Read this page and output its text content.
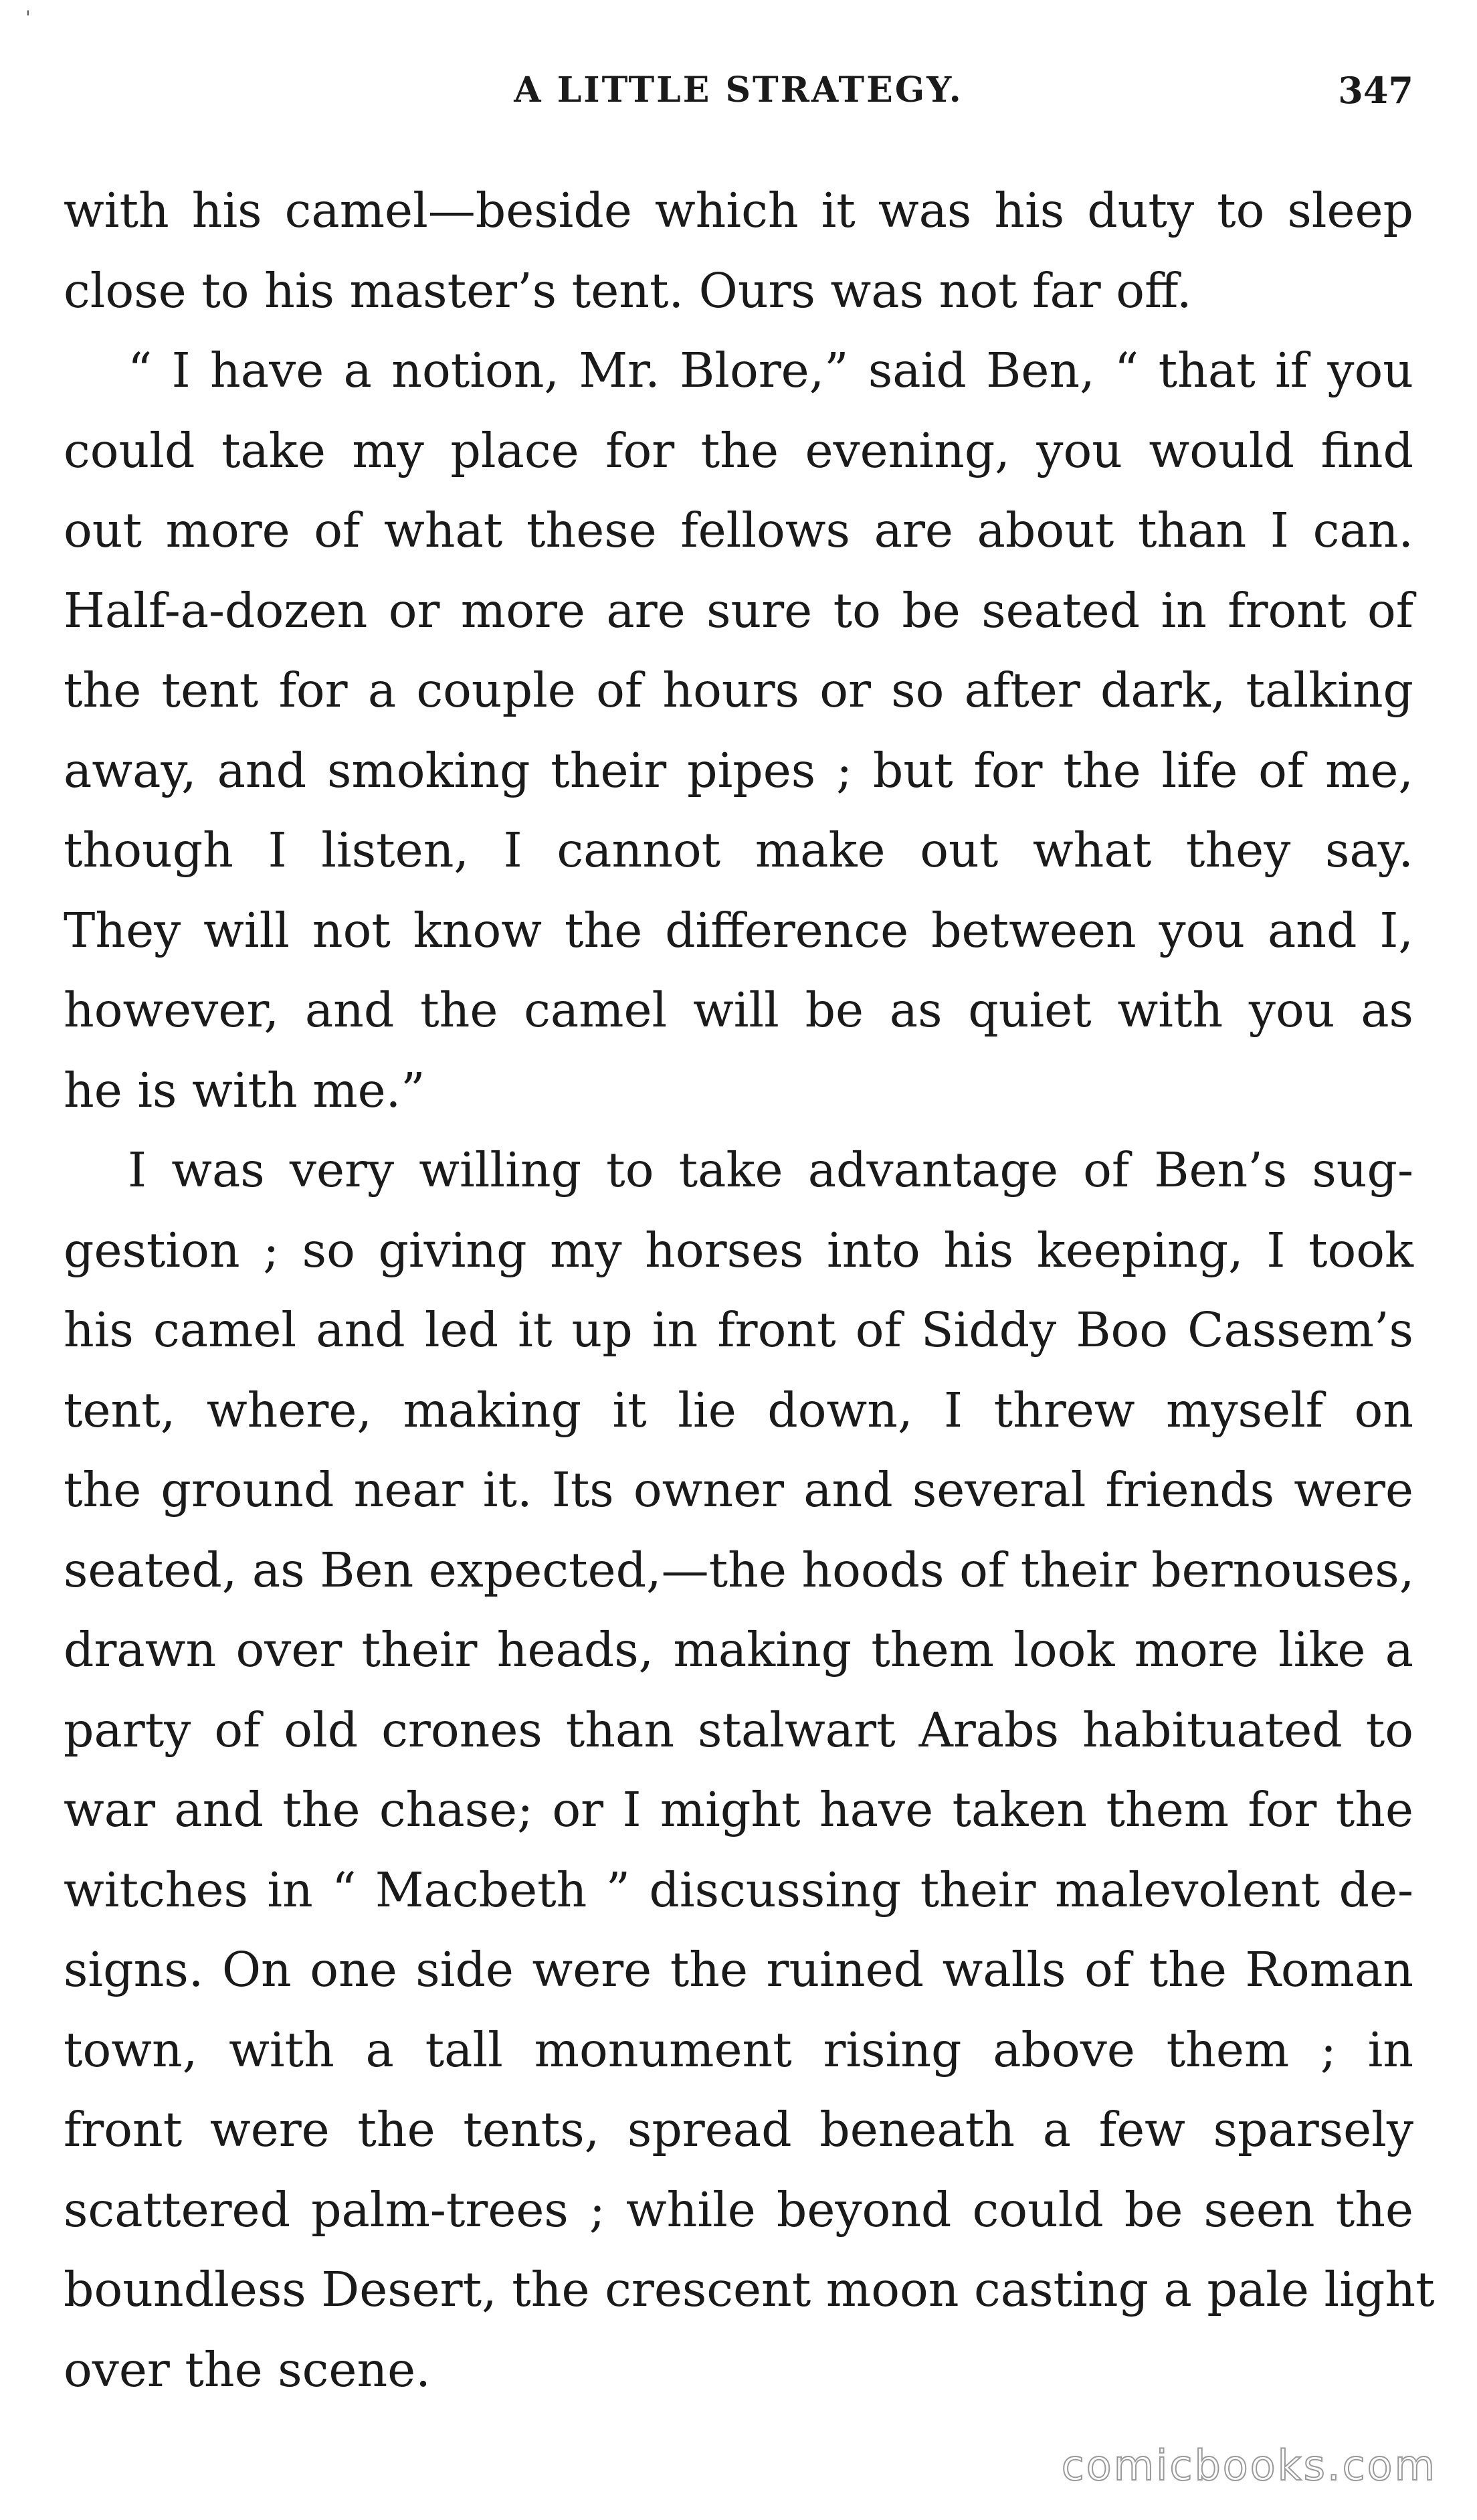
'
A LITTLE STRATEGY.	347
with his camel—beside which it was his duty to sleep
close to his master’s tent. Ours was not far off.
“ I have a notion, Mr. Blore,” said Ben, “ that if you
could take my place for the evening, you would find
out more of what these fellows are about than I can.
Half-a-dozen or more are sure to be seated in front of
the tent for a couple of hours or so after dark, talking
away, and smoking their pipes ; but for the life of me,
though I listen, I cannot make out what they say.
They will not know the difference between you and I,
however, and the camel will be as quiet with you as
he is with me.”
I was very willing to take advantage of Ben’s sug-
gestion ; so giving my horses into his keeping, I took
his camel and led it up in front of Siddy Boo Cassem’s
tent, where, making it lie down, I threw myself on
the ground near it. Its owner and several friends were
seated, as Ben expected,—the hoods of their bernouses,
drawn over their heads, making them look more like a
party of old crones than stalwart Arabs habituated to
war and the chase; or I might have taken them for the
witches in “ Macbeth ” discussing their malevolent de-
signs. On one side were the ruined walls of the Roman
town, with a tall monument rising above them ; in
front were the tents, spread beneath a few sparsely
scattered palm-trees ; while beyond could be seen the
boundless Desert, the crescent moon casting a pale light
over the scene.
comicbooks.com
